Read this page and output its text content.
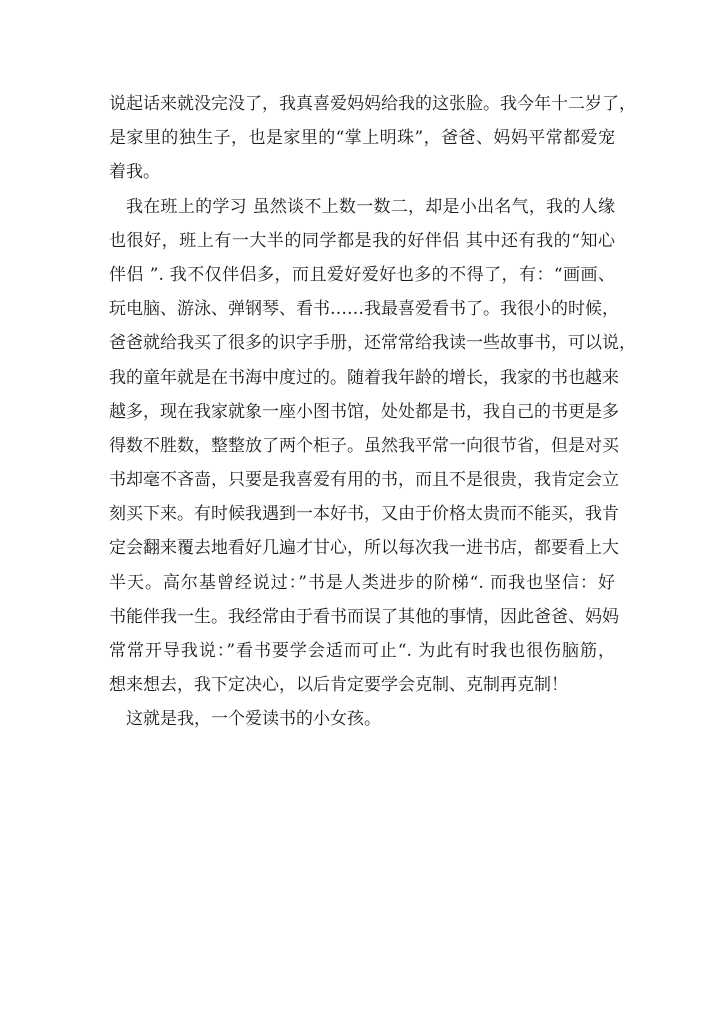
说起话来就没完没了，我真喜爱妈妈给我的这张脸。我今年十二岁了，
是家里的独生子，也是家里的“掌上明珠”，爸爸、妈妈平常都爱宠
着我。
我在班上的学习 虽然谈不上数一数二，却是小出名气，我的人缘
也很好，班上有一大半的同学都是我的好伴侣 其中还有我的“知心
伴侣 ”. 我不仅伴侣多，而且爱好爱好也多的不得了，有：“画画、
玩电脑、游泳、弹钢琴、看书……我最喜爱看书了。我很小的时候，
爸爸就给我买了很多的识字手册，还常常给我读一些故事书，可以说，
我的童年就是在书海中度过的。随着我年龄的增长，我家的书也越来
越多，现在我家就象一座小图书馆，处处都是书，我自己的书更是多
得数不胜数，整整放了两个柜子。虽然我平常一向很节省，但是对买
书却毫不吝啬，只要是我喜爱有用的书，而且不是很贵，我肯定会立
刻买下来。有时候我遇到一本好书，又由于价格太贵而不能买，我肯
定会翻来覆去地看好几遍才甘心，所以每次我一进书店，都要看上大
半天。高尔基曾经说过：”书是人类进步的阶梯“. 而我也坚信：好
书能伴我一生。我经常由于看书而误了其他的事情，因此爸爸、妈妈
常常开导我说：”看书要学会适而可止“. 为此有时我也很伤脑筋，
想来想去，我下定决心，以后肯定要学会克制、克制再克制！
这就是我，一个爱读书的小女孩。
